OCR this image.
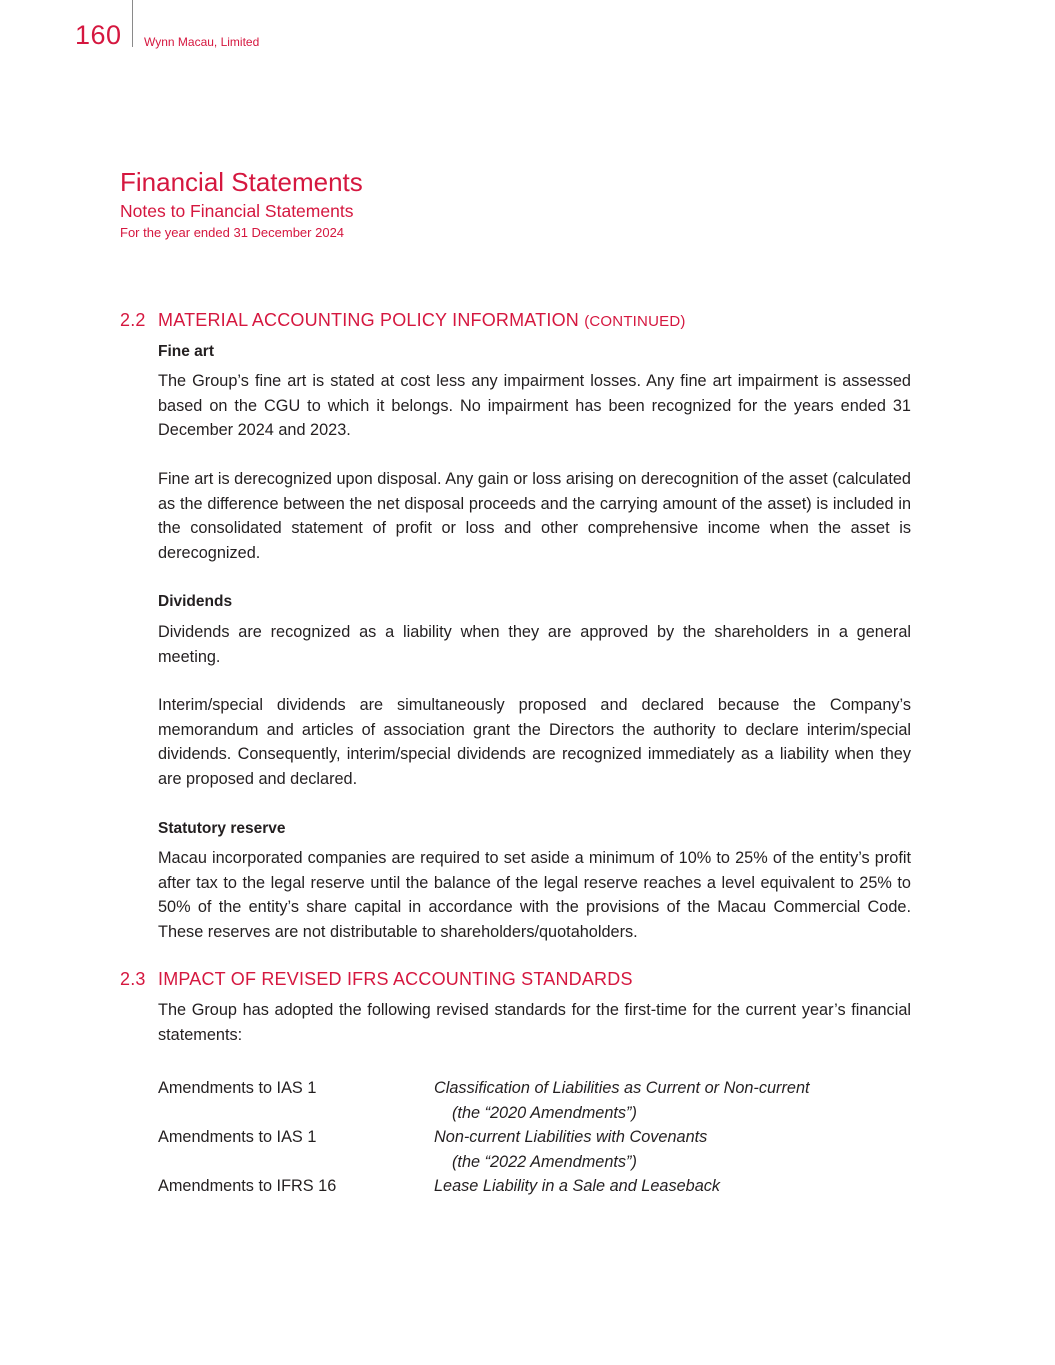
160 Wynn Macau, Limited
Financial Statements
Notes to Financial Statements
For the year ended 31 December 2024
2.2 MATERIAL ACCOUNTING POLICY INFORMATION (CONTINUED)
Fine art

The Group’s fine art is stated at cost less any impairment losses. Any fine art impairment is assessed based on the CGU to which it belongs. No impairment has been recognized for the years ended 31 December 2024 and 2023.

Fine art is derecognized upon disposal. Any gain or loss arising on derecognition of the asset (calculated as the difference between the net disposal proceeds and the carrying amount of the asset) is included in the consolidated statement of profit or loss and other comprehensive income when the asset is derecognized.

Dividends

Dividends are recognized as a liability when they are approved by the shareholders in a general meeting.

Interim/special dividends are simultaneously proposed and declared because the Company’s memorandum and articles of association grant the Directors the authority to declare interim/special dividends. Consequently, interim/special dividends are recognized immediately as a liability when they are proposed and declared.

Statutory reserve

Macau incorporated companies are required to set aside a minimum of 10% to 25% of the entity’s profit after tax to the legal reserve until the balance of the legal reserve reaches a level equivalent to 25% to 50% of the entity’s share capital in accordance with the provisions of the Macau Commercial Code. These reserves are not distributable to shareholders/quotaholders.

2.3 IMPACT OF REVISED IFRS ACCOUNTING STANDARDS

The Group has adopted the following revised standards for the first-time for the current year’s financial statements:

Amendments to IAS 1	Classification of Liabilities as Current or Non-current
(the “2020 Amendments”)
Amendments to IAS 1	Non-current Liabilities with Covenants
(the “2022 Amendments”)
Amendments to IFRS 16	Lease Liability in a Sale and Leaseback
